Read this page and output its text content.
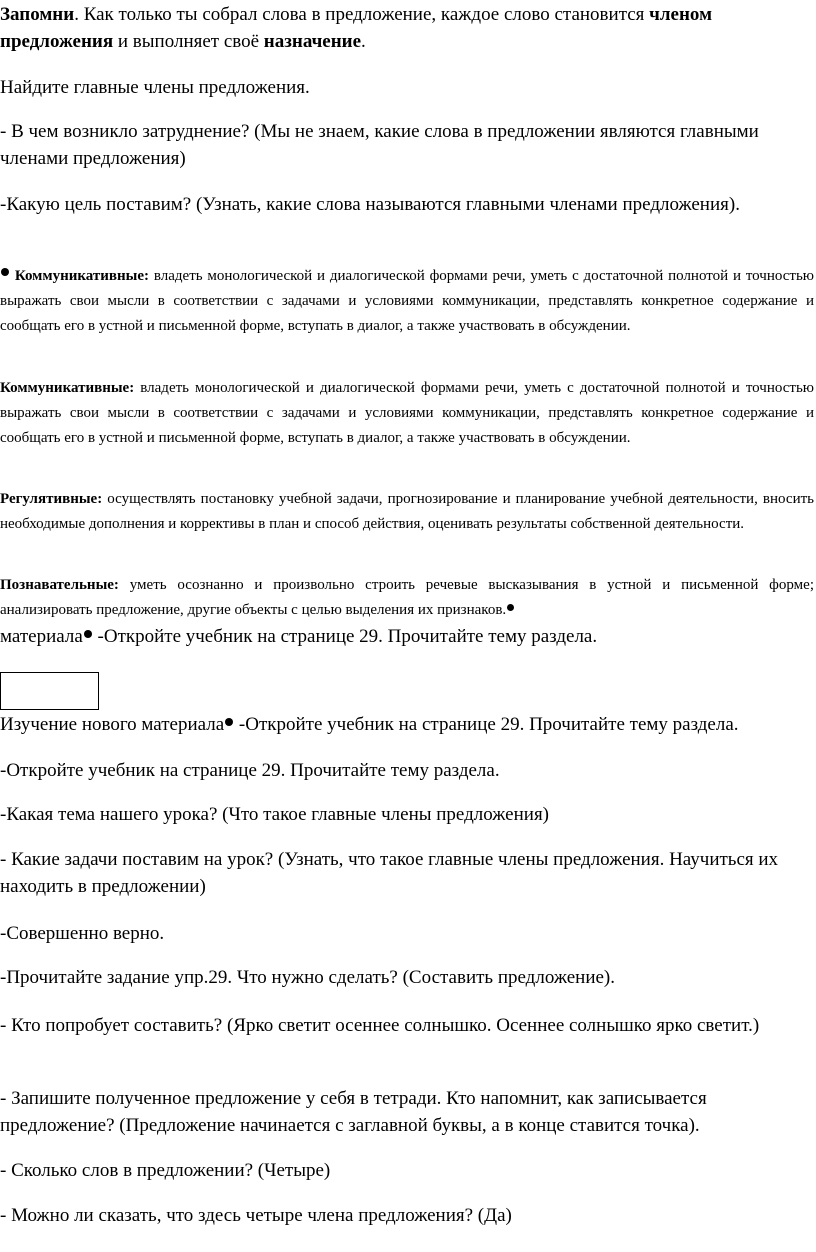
Запомни. Как только ты собрал слова в предложение, каждое слово становится членом предложения и выполняет своё назначение.

Найдите главные члены предложения.

- В чем возникло затруднение? (Мы не знаем, какие слова в предложении являются главными членами предложения)

-Какую цель поставим? (Узнать, какие слова называются главными членами предложения).

Коммуникативные: владеть монологической и диалогической формами речи, уметь с достаточной полнотой и точностью выражать свои мысли в соответствии с задачами и условиями коммуникации, представлять конкретное содержание и сообщать его в устной и письменной форме, вступать в диалог, а также участвовать в обсуждении.

Коммуникативные: владеть монологической и диалогической формами речи, уметь с достаточной полнотой и точностью выражать свои мысли в соответствии с задачами и условиями коммуникации, представлять конкретное содержание и сообщать его в устной и письменной форме, вступать в диалог, а также участвовать в обсуждении.

Регулятивные: осуществлять постановку учебной задачи, прогнозирование и планирование учебной деятельности, вносить необходимые дополнения и коррективы в план и способ действия, оценивать результаты собственной деятельности.

Познавательные: уметь осознанно и произвольно строить речевые высказывания в устной и письменной форме; анализировать предложение, другие объекты с целью выделения их признаков.

материала -Откройте учебник на странице 29. Прочитайте тему раздела.

Изучение нового материала -Откройте учебник на странице 29. Прочитайте тему раздела.

-Откройте учебник на странице 29. Прочитайте тему раздела.

-Какая тема нашего урока? (Что такое главные члены предложения)

- Какие задачи поставим на урок? (Узнать, что такое главные члены предложения. Научиться их находить в предложении)

-Совершенно верно.

-Прочитайте задание упр.29. Что нужно сделать? (Составить предложение).

- Кто попробует составить? (Ярко светит осеннее солнышко. Осеннее солнышко ярко светит.)

- Запишите полученное предложение у себя в тетради. Кто напомнит, как записывается предложение? (Предложение начинается с заглавной буквы, а в конце ставится точка).

- Сколько слов в предложении? (Четыре)

- Можно ли сказать, что здесь четыре члена предложения? (Да)
